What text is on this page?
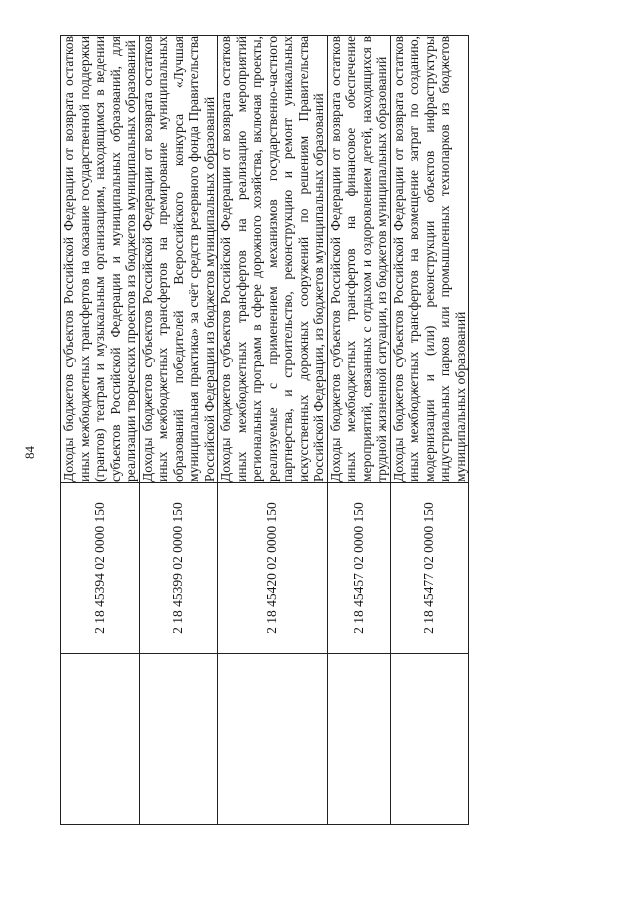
84
	2 18 45394 02 0000 150	Доходы бюджетов субъектов Российской Федерации от возврата остатков иных межбюджетных трансфертов на оказание государственной поддержки (грантов) театрам и музыкальным организациям, находящимся в ведении субъектов Российской Федерации и муниципальных образований, для реализации творческих проектов из бюджетов муниципальных образований
	2 18 45399 02 0000 150	Доходы бюджетов субъектов Российской Федерации от возврата остатков иных межбюджетных трансфертов на премирование муниципальных образований победителей Всероссийского конкурса «Лучшая муниципальная практика» за счёт средств резервного фонда Правительства Российской Федерации из бюджетов муниципальных образований
	2 18 45420 02 0000 150	Доходы бюджетов субъектов Российской Федерации от возврата остатков иных межбюджетных трансфертов на реализацию мероприятий региональных программ в сфере дорожного хозяйства, включая проекты, реализуемые с применением механизмов государственно-частного партнерства, и строительство, реконструкцию и ремонт уникальных искусственных дорожных сооружений по решениям Правительства Российской Федерации, из бюджетов муниципальных образований
	2 18 45457 02 0000 150	Доходы бюджетов субъектов Российской Федерации от возврата остатков иных межбюджетных трансфертов на финансовое обеспечение мероприятий, связанных с отдыхом и оздоровлением детей, находящихся в трудной жизненной ситуации, из бюджетов муниципальных образований
	2 18 45477 02 0000 150	Доходы бюджетов субъектов Российской Федерации от возврата остатков иных межбюджетных трансфертов на возмещение затрат по созданию, модернизации и (или) реконструкции объектов инфраструктуры индустриальных парков или промышленных технопарков из бюджетов муниципальных образований
